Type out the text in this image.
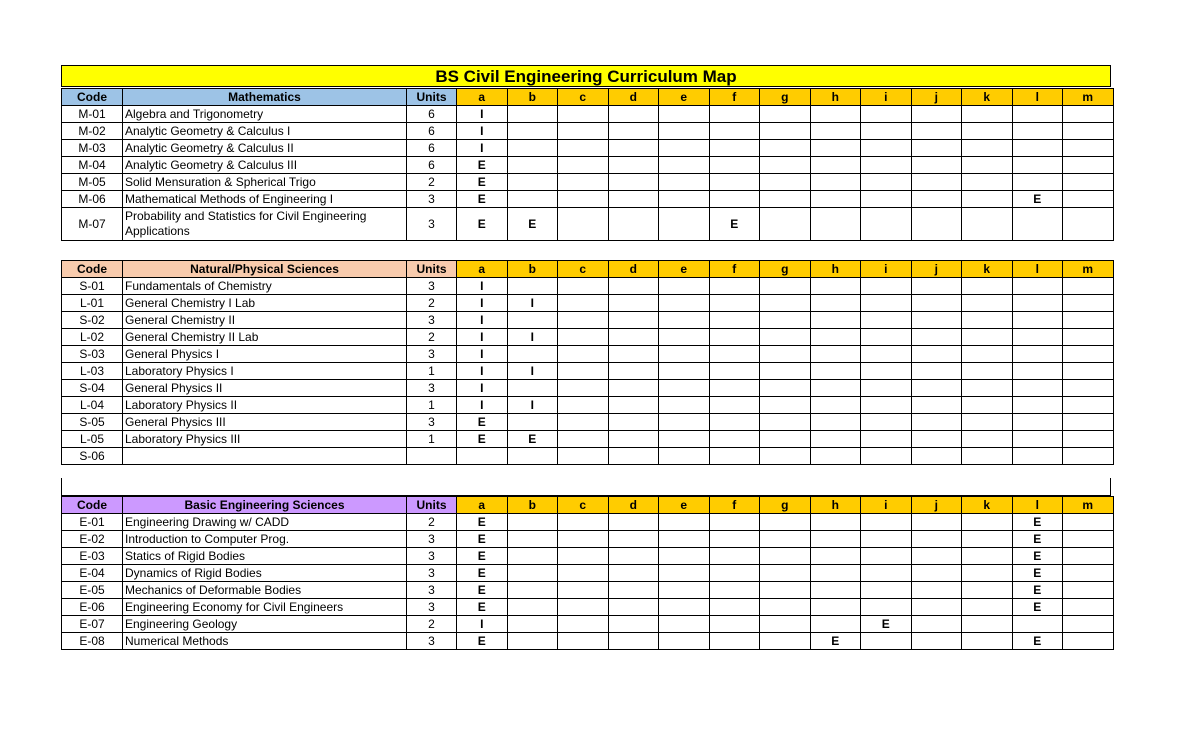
BS Civil Engineering Curriculum Map
Code	Mathematics	Units	a	b	c	d	e	f	g	h	i	j	k	l	m
M-01	Algebra and Trigonometry	6	I												
M-02	Analytic Geometry & Calculus I	6	I												
M-03	Analytic Geometry & Calculus II	6	I												
M-04	Analytic Geometry & Calculus III	6	E												
M-05	Solid Mensuration & Spherical Trigo	2	E												
M-06	Mathematical Methods of Engineering I	3	E											E	
M-07	Probability and Statistics for Civil Engineering Applications	3	E	E				E							
Code	Natural/Physical Sciences	Units	a	b	c	d	e	f	g	h	i	j	k	l	m
S-01	Fundamentals of Chemistry	3	I												
L-01	General Chemistry I Lab	2	I	I											
S-02	General Chemistry II	3	I												
L-02	General Chemistry II Lab	2	I	I											
S-03	General Physics I	3	I												
L-03	Laboratory Physics I	1	I	I											
S-04	General Physics II	3	I												
L-04	Laboratory Physics II	1	I	I											
S-05	General Physics III	3	E												
L-05	Laboratory Physics III	1	E	E											
S-06															
Code	Basic Engineering Sciences	Units	a	b	c	d	e	f	g	h	i	j	k	l	m
E-01	Engineering Drawing w/ CADD	2	E											E	
E-02	Introduction to Computer Prog.	3	E											E	
E-03	Statics of Rigid Bodies	3	E											E	
E-04	Dynamics of Rigid Bodies	3	E											E	
E-05	Mechanics of Deformable Bodies	3	E											E	
E-06	Engineering Economy for Civil Engineers	3	E											E	
E-07	Engineering Geology	2	I								E				
E-08	Numerical Methods	3	E							E				E	
